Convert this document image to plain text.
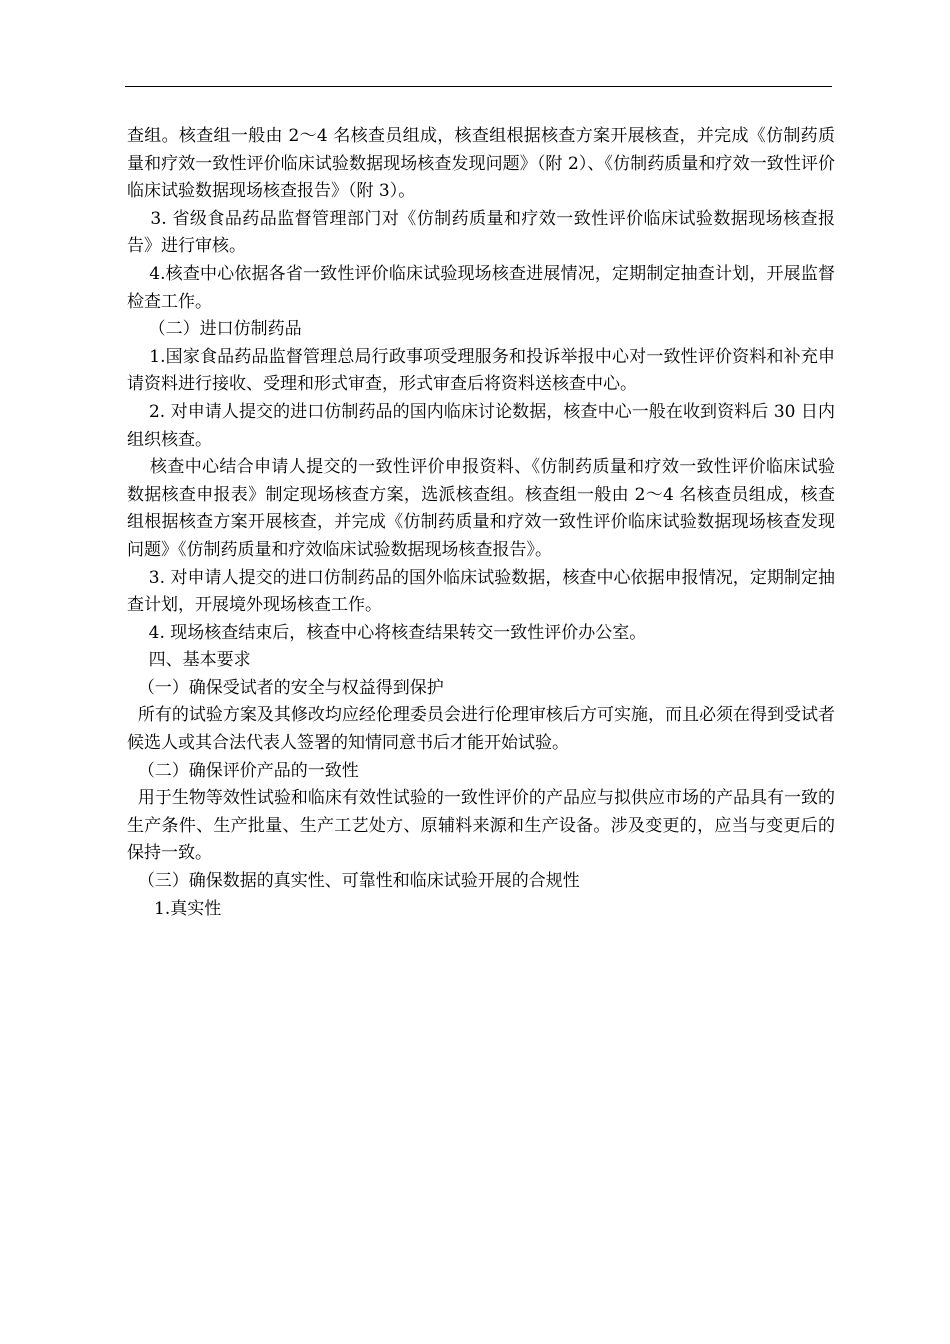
查组。核查组一般由 2～4 名核查员组成，核查组根据核查方案开展核查，并完成《仿制药质量和疗效一致性评价临床试验数据现场核查发现问题》（附 2）、《仿制药质量和疗效一致性评价临床试验数据现场核查报告》（附 3）。

3. 省级食品药品监督管理部门对《仿制药质量和疗效一致性评价临床试验数据现场核查报告》进行审核。

4.核查中心依据各省一致性评价临床试验现场核查进展情况，定期制定抽查计划，开展监督检查工作。

（二）进口仿制药品

1.国家食品药品监督管理总局行政事项受理服务和投诉举报中心对一致性评价资料和补充申请资料进行接收、受理和形式审查，形式审查后将资料送核查中心。

2. 对申请人提交的进口仿制药品的国内临床讨论数据，核查中心一般在收到资料后 30 日内组织核查。

核查中心结合申请人提交的一致性评价申报资料、《仿制药质量和疗效一致性评价临床试验数据核查申报表》制定现场核查方案，选派核查组。核查组一般由 2～4 名核查员组成，核查组根据核查方案开展核查，并完成《仿制药质量和疗效一致性评价临床试验数据现场核查发现问题》《仿制药质量和疗效临床试验数据现场核查报告》。

3. 对申请人提交的进口仿制药品的国外临床试验数据，核查中心依据申报情况，定期制定抽查计划，开展境外现场核查工作。

4. 现场核查结束后，核查中心将核查结果转交一致性评价办公室。

四、基本要求

（一）确保受试者的安全与权益得到保护

所有的试验方案及其修改均应经伦理委员会进行伦理审核后方可实施，而且必须在得到受试者候选人或其合法代表人签署的知情同意书后才能开始试验。

（二）确保评价产品的一致性

用于生物等效性试验和临床有效性试验的一致性评价的产品应与拟供应市场的产品具有一致的生产条件、生产批量、生产工艺处方、原辅料来源和生产设备。涉及变更的，应当与变更后的保持一致。

（三）确保数据的真实性、可靠性和临床试验开展的合规性

1.真实性
